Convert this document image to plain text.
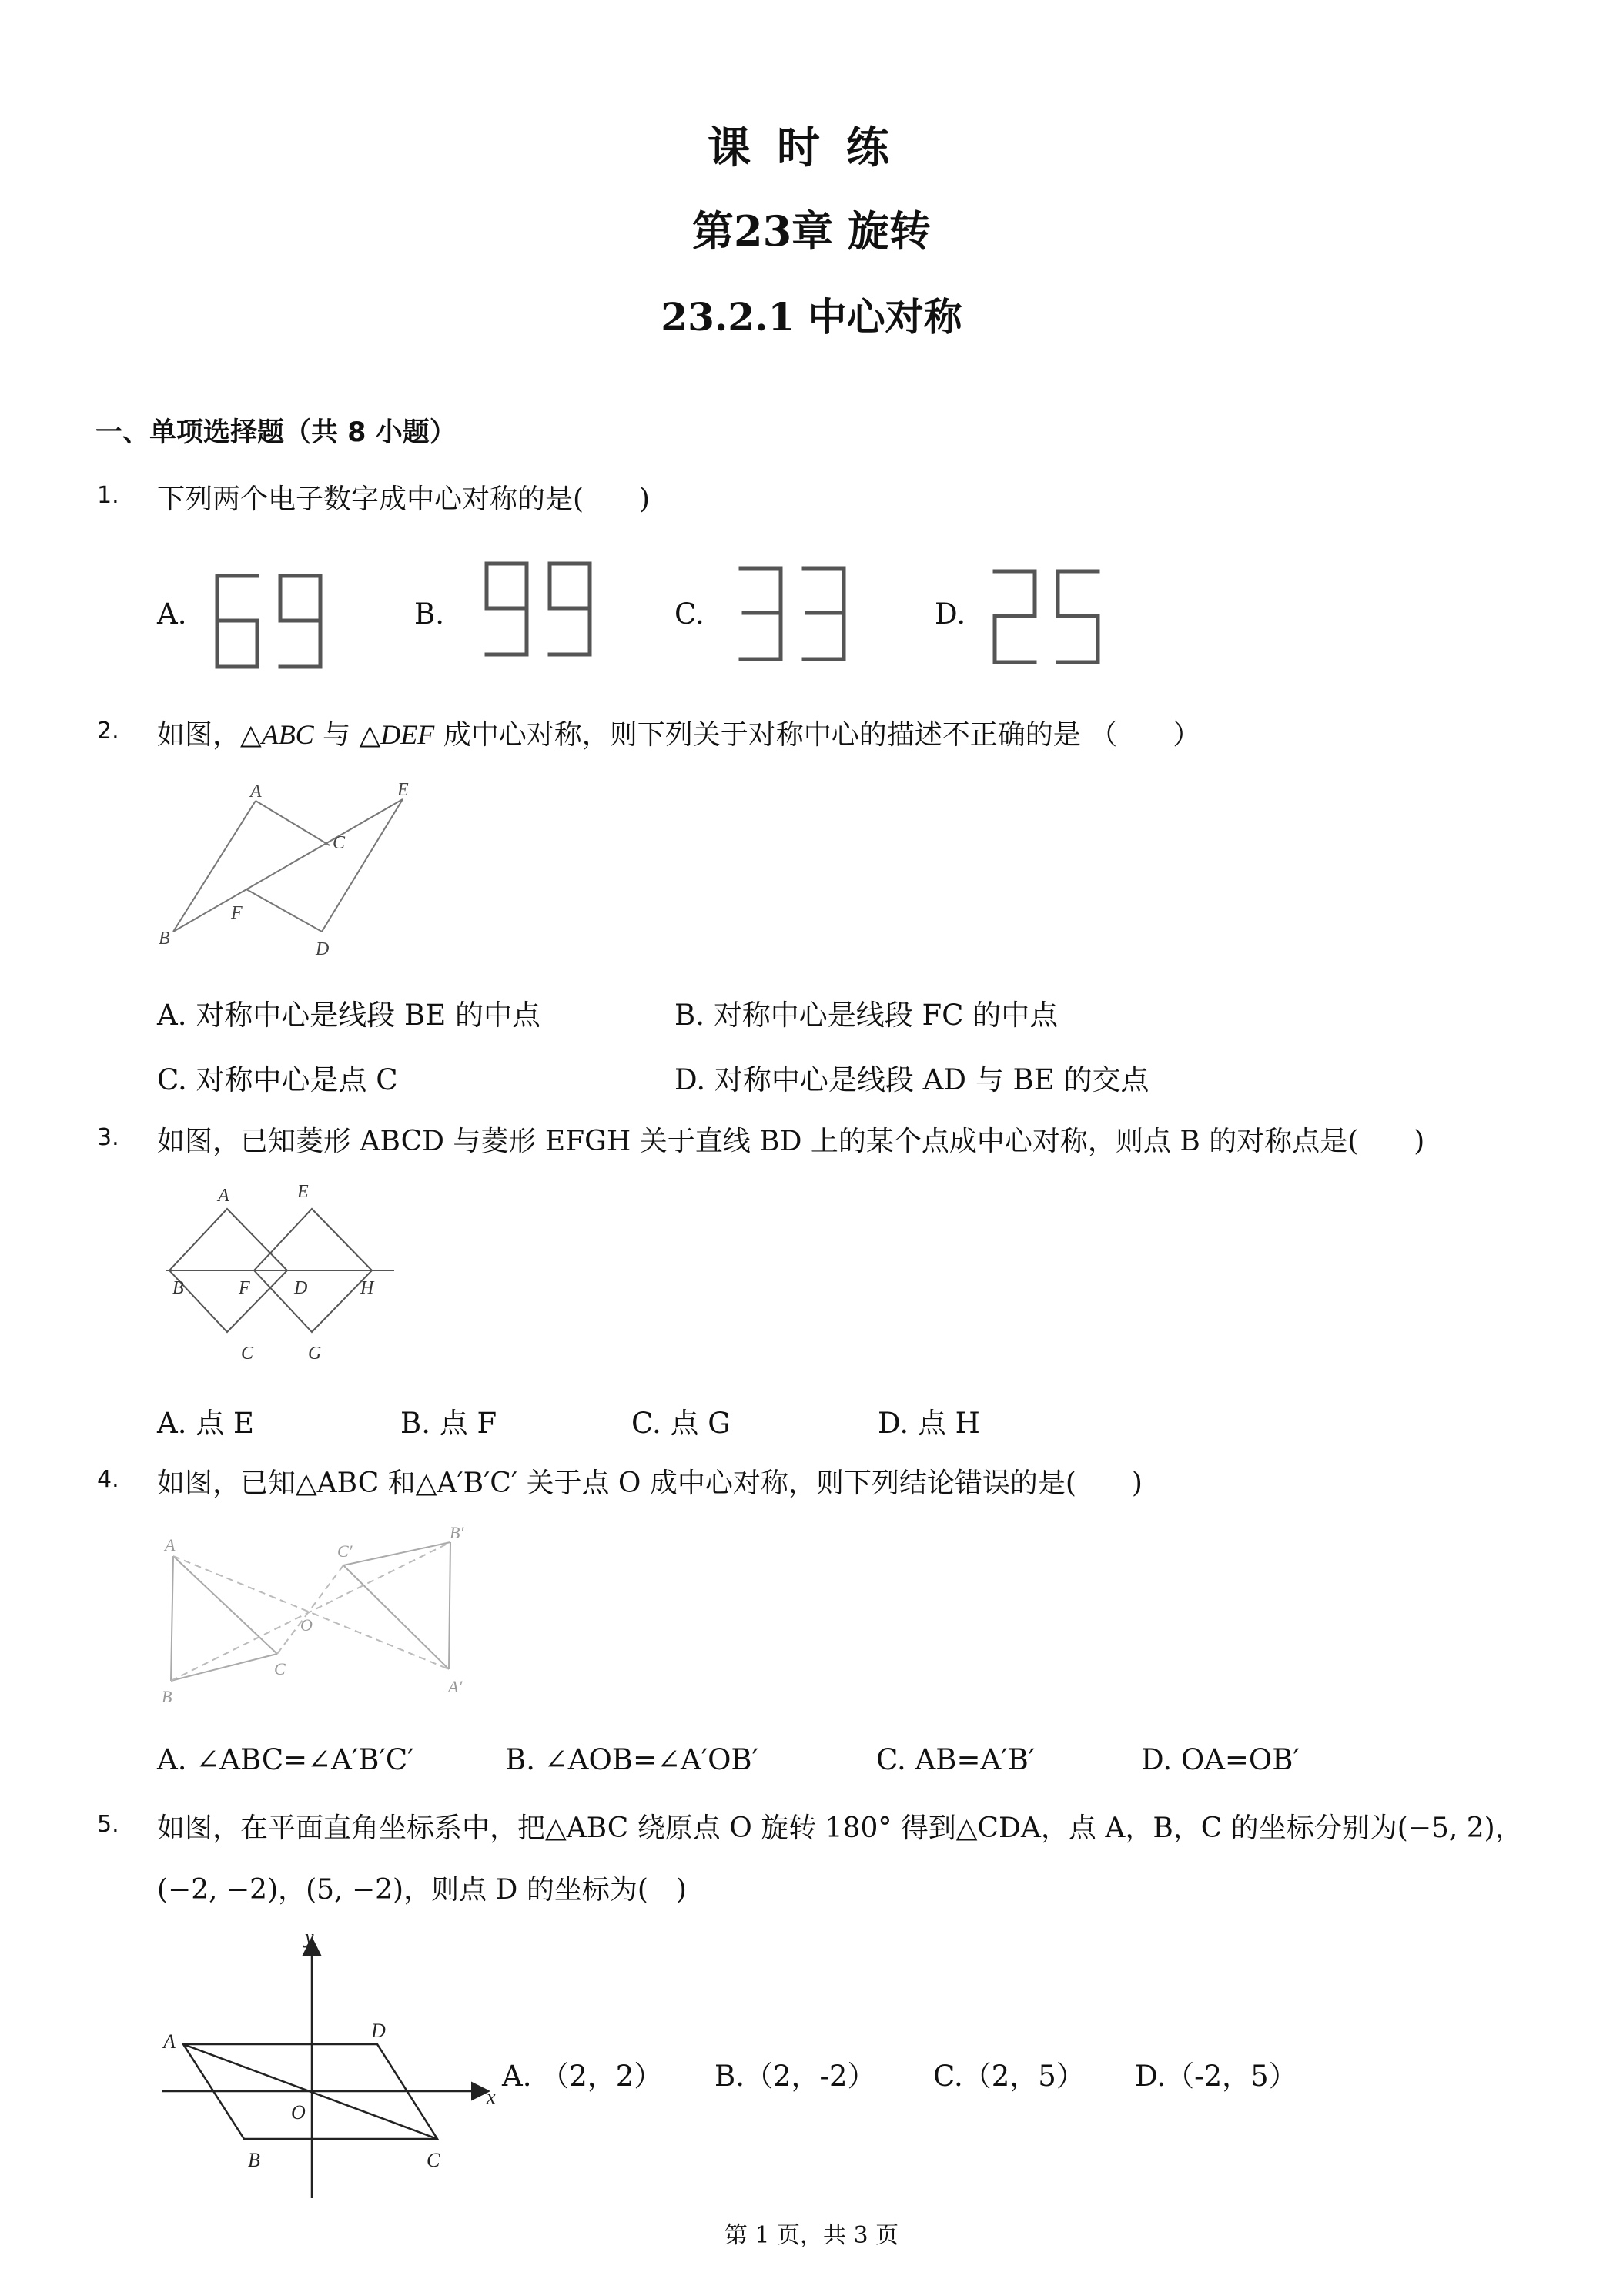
课时练
第23章 旋转
23.2.1 中心对称
一、单项选择题（共 8 小题）
1. 下列两个电子数字成中心对称的是(　　)
A.	B.	C.	D.
2. 如图，△ABC 与 △DEF 成中心对称，则下列关于对称中心的描述不正确的是 （　　）
A
B
C
D
E
F
A. 对称中心是线段 BE 的中点	B. 对称中心是线段 FC 的中点
C. 对称中心是点 C	D. 对称中心是线段 AD 与 BE 的交点
3. 如图，已知菱形 ABCD 与菱形 EFGH 关于直线 BD 上的某个点成中心对称，则点 B 的对称点是(　　)
A	E
B	F D	H
C	G
A. 点 E	B. 点 F	C. 点 G	D. 点 H
4. 如图，已知△ABC 和△A′B′C′ 关于点 O 成中心对称，则下列结论错误的是(　　)
A
B
C
O
C′
B′
A′
A. ∠ABC=∠A′B′C′	B. ∠AOB=∠A′OB′	C. AB=A′B′	D. OA=OB′
5. 如图，在平面直角坐标系中，把△ABC 绕原点 O 旋转 180° 得到△CDA，点 A，B，C 的坐标分别为(−5, 2)，
(−2, −2)，(5, −2)，则点 D 的坐标为(　)
y
x
A	D
O
B	C
A. （2，2） B.（2，-2） C.（2，5） D.（-2，5）
第 1 页，共 3 页
